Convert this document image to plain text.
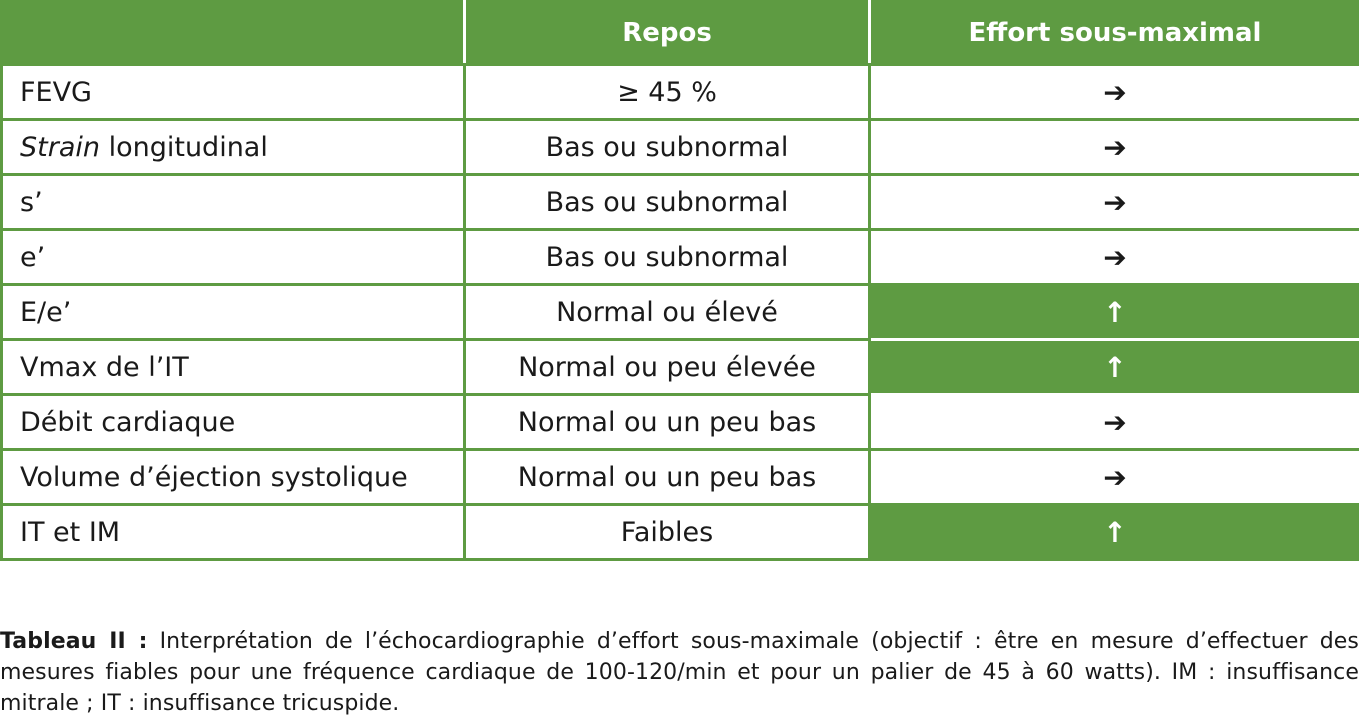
	Repos	Effort sous-maximal
FEVG	≥ 45 %	➔
Strain longitudinal	Bas ou subnormal	➔
s’	Bas ou subnormal	➔
e’	Bas ou subnormal	➔
E/e’	Normal ou élevé	↑
Vmax de l’IT	Normal ou peu élevée	↑
Débit cardiaque	Normal ou un peu bas	➔
Volume d’éjection systolique	Normal ou un peu bas	➔
IT et IM	Faibles	↑
Tableau II : Interprétation de l’échocardiographie d’effort sous-maximale (objectif : être en mesure d’effectuer des mesures fiables pour une fréquence cardiaque de 100-120/min et pour un palier de 45 à 60 watts). IM : insuffisance mitrale ; IT : insuffisance tricuspide.
